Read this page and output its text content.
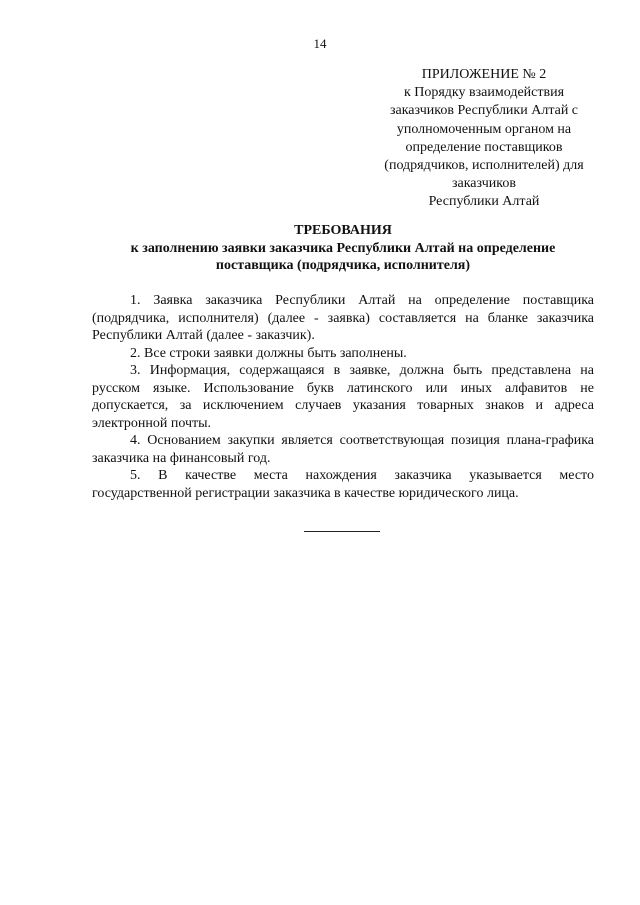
14
ПРИЛОЖЕНИЕ № 2
к Порядку взаимодействия
заказчиков Республики Алтай с
уполномоченным органом на
определение поставщиков
(подрядчиков, исполнителей) для
заказчиков
Республики Алтай
ТРЕБОВАНИЯ
к заполнению заявки заказчика Республики Алтай на определение
поставщика (подрядчика, исполнителя)

1. Заявка заказчика Республики Алтай на определение поставщика (подрядчика, исполнителя) (далее - заявка) составляется на бланке заказчика Республики Алтай (далее - заказчик).

2. Все строки заявки должны быть заполнены.

3. Информация, содержащаяся в заявке, должна быть представлена на русском языке. Использование букв латинского или иных алфавитов не допускается, за исключением случаев указания товарных знаков и адреса электронной почты.

4. Основанием закупки является соответствующая позиция плана-графика заказчика на финансовый год.

5. В качестве места нахождения заказчика указывается место государственной регистрации заказчика в качестве юридического лица.
